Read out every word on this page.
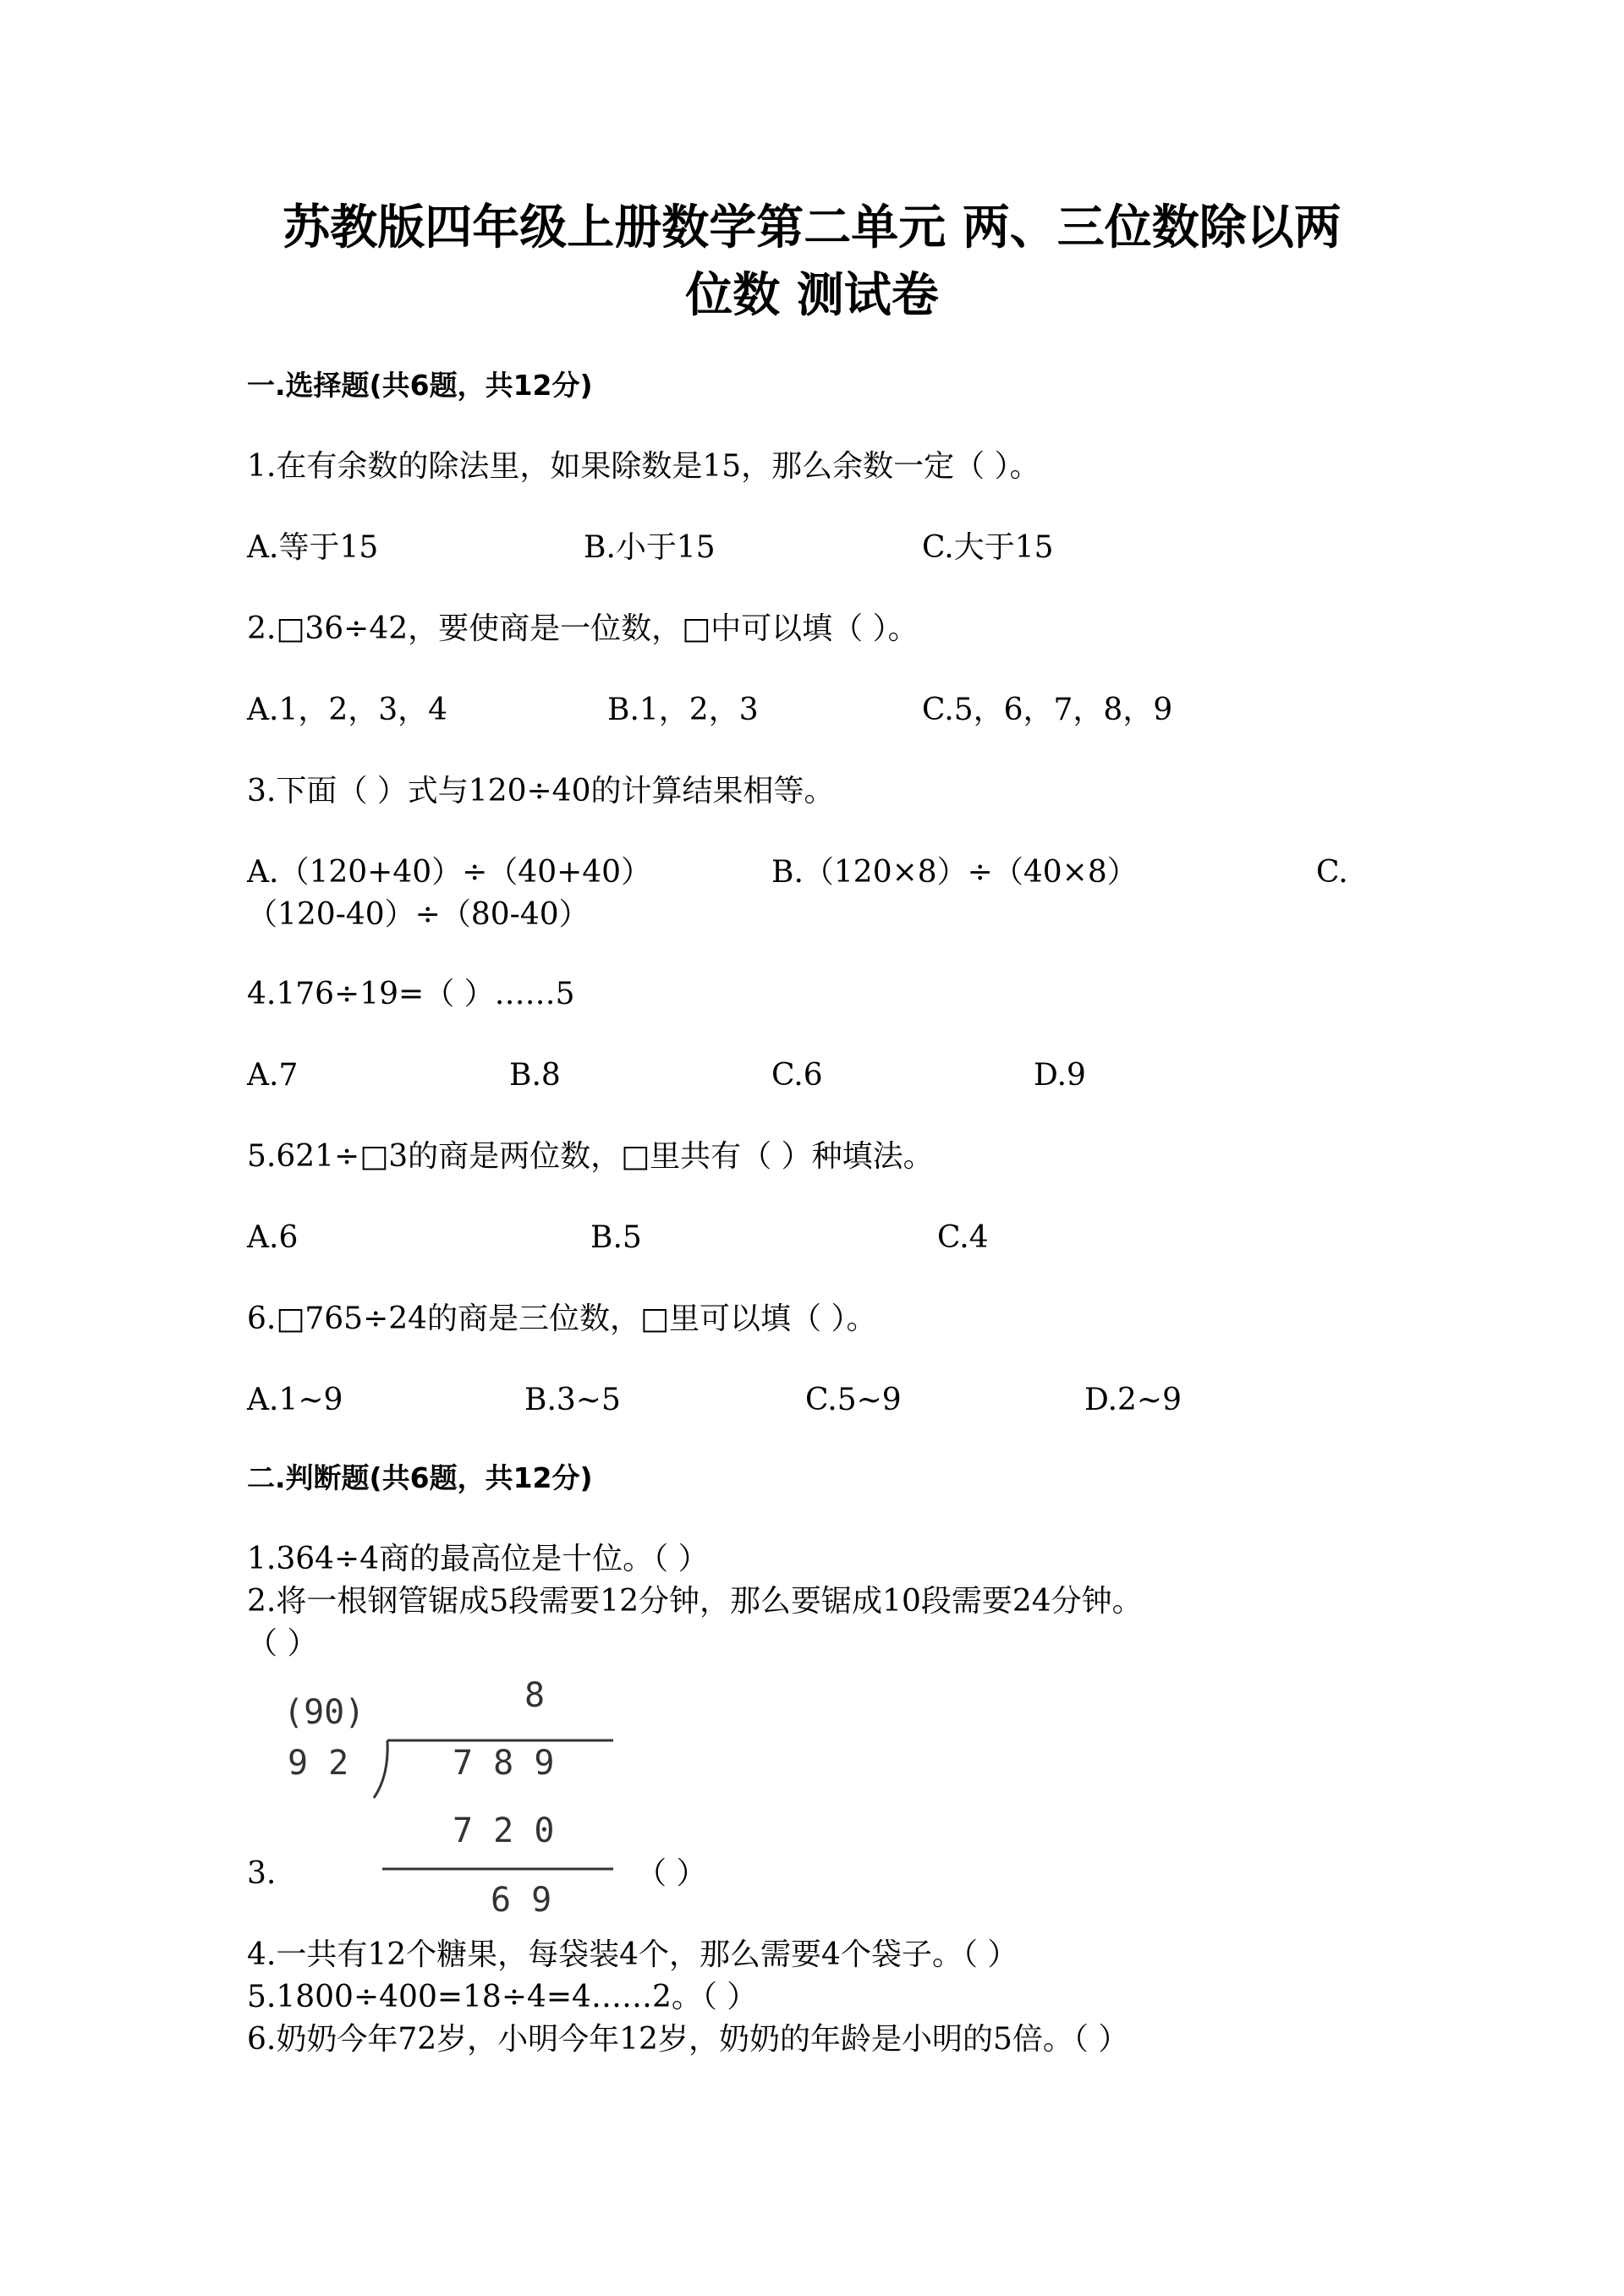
苏教版四年级上册数学第二单元 两、三位数除以两
位数 测试卷
一.选择题(共6题，共12分)
1.在有余数的除法里，如果除数是15，那么余数一定（ ）。
A.等于15	B.小于15	C.大于15
2.□36÷42，要使商是一位数，□中可以填（ ）。
A.1，2，3，4	B.1，2，3	C.5，6，7，8，9
3.下面（ ）式与120÷40的计算结果相等。
A.（120+40）÷（40+40）	B.（120×8）÷（40×8）	C.
（120-40）÷（80-40）
4.176÷19=（ ）……5
A.7	B.8	C.6	D.9
5.621÷□3的商是两位数，□里共有（ ）种填法。
A.6	B.5	C.4
6.□765÷24的商是三位数，□里可以填（ ）。
A.1~9	B.3~5	C.5~9	D.2~9
二.判断题(共6题，共12分)
1.364÷4商的最高位是十位。（ ）
2.将一根钢管锯成5段需要12分钟，那么要锯成10段需要24分钟。
（ ）
(90)	8
9 2	7 8 9
7 2 0
6 9
3.	（ ）
4.一共有12个糖果，每袋装4个，那么需要4个袋子。（ ）
5.1800÷400=18÷4=4……2。（ ）
6.奶奶今年72岁，小明今年12岁，奶奶的年龄是小明的5倍。（ ）
